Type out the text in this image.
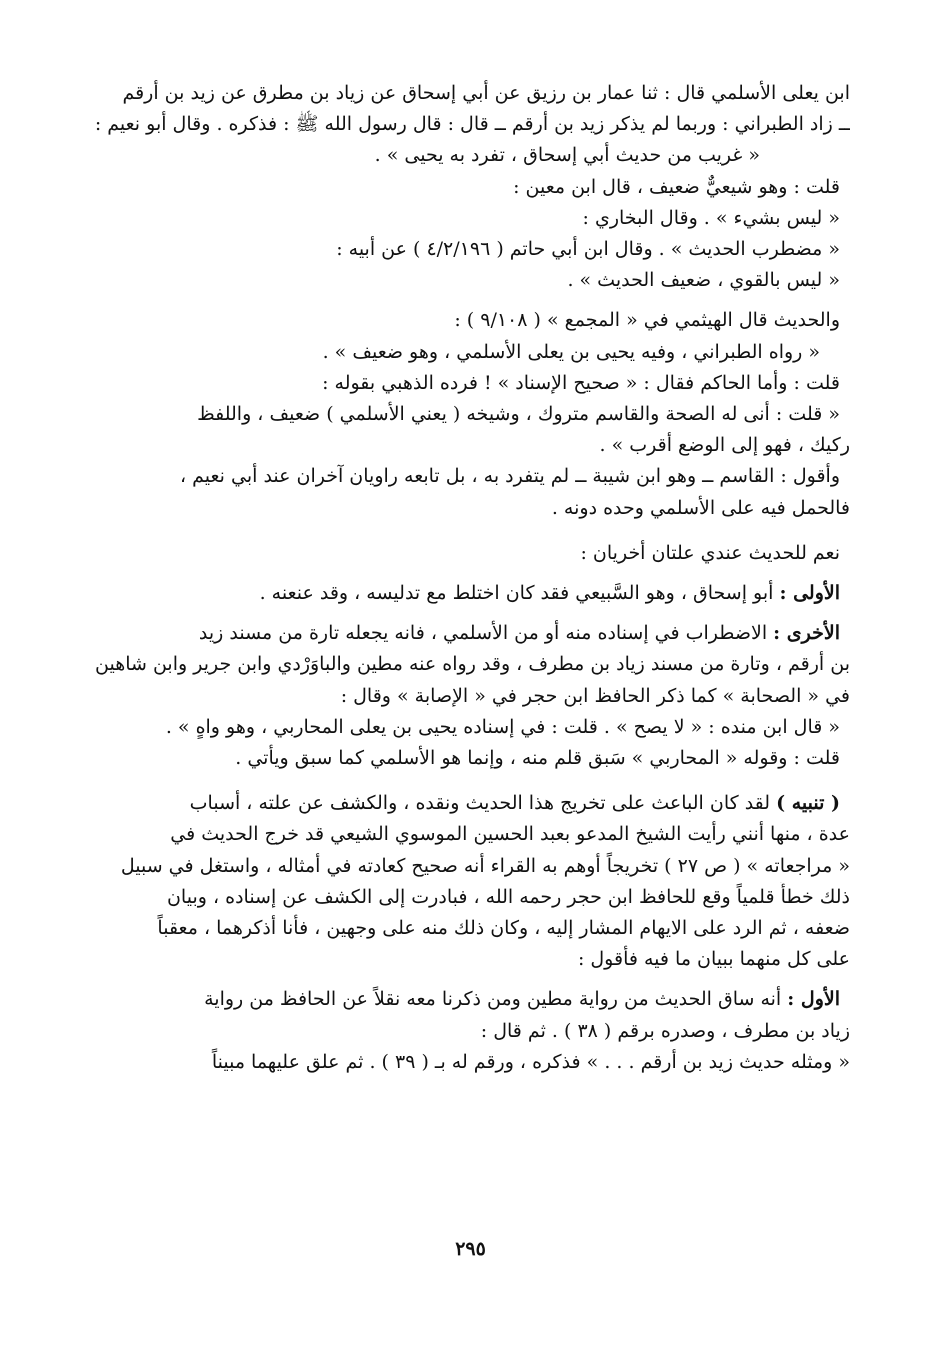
ابن يعلى الأسلمي قال : ثنا عمار بن رزيق عن أبي إسحاق عن زياد بن مطرق عن زيد بن أرقم
ــ زاد الطبراني : وربما لم يذكر زيد بن أرقم ــ قال : قال رسول الله ﷺ : فذكره . وقال أبو نعيم :
« غريب من حديث أبي إسحاق ، تفرد به يحيى » .
قلت : وهو شيعيٌّ ضعيف ، قال ابن معين :
« ليس بشيء » . وقال البخاري :
« مضطرب الحديث » . وقال ابن أبي حاتم ( ٤/٢/١٩٦ ) عن أبيه :
« ليس بالقوي ، ضعيف الحديث » .
والحديث قال الهيثمي في « المجمع » ( ٩/١٠٨ ) :
« رواه الطبراني ، وفيه يحيى بن يعلى الأسلمي ، وهو ضعيف » .
قلت : وأما الحاكم فقال : « صحيح الإسناد » ! فرده الذهبي بقوله :
« قلت : أنى له الصحة والقاسم متروك ، وشيخه ( يعني الأسلمي ) ضعيف ، واللفظ
ركيك ، فهو إلى الوضع أقرب » .
وأقول : القاسم ــ وهو ابن شيبة ــ لم يتفرد به ، بل تابعه راويان آخران عند أبي نعيم ،
فالحمل فيه على الأسلمي وحده دونه .
نعم للحديث عندي علتان أخريان :
الأولى : أبو إسحاق ، وهو السَّبيعي فقد كان اختلط مع تدليسه ، وقد عنعنه .
الأخرى : الاضطراب في إسناده منه أو من الأسلمي ، فانه يجعله تارة من مسند زيد
بن أرقم ، وتارة من مسند زياد بن مطرف ، وقد رواه عنه مطين والباوَرْدي وابن جرير وابن شاهين
في « الصحابة » كما ذكر الحافظ ابن حجر في « الإصابة » وقال :
« قال ابن منده : « لا يصح » . قلت : في إسناده يحيى بن يعلى المحاربي ، وهو واهٍ » .
قلت : وقوله « المحاربي » سَبق قلم منه ، وإنما هو الأسلمي كما سبق ويأتي .
( تنبيه ) لقد كان الباعث على تخريج هذا الحديث ونقده ، والكشف عن علته ، أسباب
عدة ، منها أنني رأيت الشيخ المدعو بعبد الحسين الموسوي الشيعي قد خرج الحديث في
« مراجعاته » ( ص ٢٧ ) تخريجاً أوهم به القراء أنه صحيح كعادته في أمثاله ، واستغل في سبيل
ذلك خطأً قلمياً وقع للحافظ ابن حجر رحمه الله ، فبادرت إلى الكشف عن إسناده ، وبيان
ضعفه ، ثم الرد على الايهام المشار إليه ، وكان ذلك منه على وجهين ، فأنا أذكرهما ، معقباً
على كل منهما ببيان ما فيه فأقول :
الأول : أنه ساق الحديث من رواية مطين ومن ذكرنا معه نقلاً عن الحافظ من رواية
زياد بن مطرف ، وصدره برقم ( ٣٨ ) . ثم قال :
« ومثله حديث زيد بن أرقم . . . » فذكره ، ورقم له بـ ( ٣٩ ) . ثم علق عليهما مبيناً
٢٩٥
